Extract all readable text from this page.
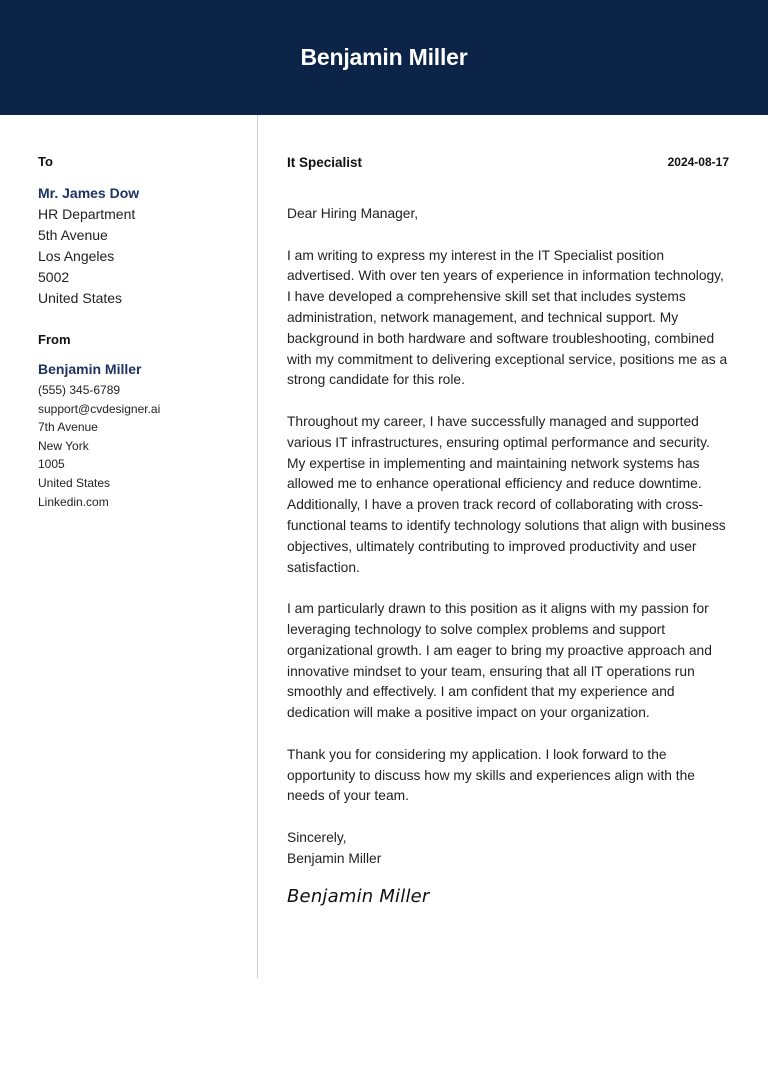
Benjamin Miller

To

Mr. James Dow

HR Department

5th Avenue

Los Angeles

5002

United States

From

Benjamin Miller

(555) 345-6789

support@cvdesigner.ai

7th Avenue

New York

1005

United States

Linkedin.com

It Specialist	2024-08-17

Dear Hiring Manager,

I am writing to express my interest in the IT Specialist position advertised. With over ten years of experience in information technology, I have developed a comprehensive skill set that includes systems administration, network management, and technical support. My background in both hardware and software troubleshooting, combined with my commitment to delivering exceptional service, positions me as a strong candidate for this role.

Throughout my career, I have successfully managed and supported various IT infrastructures, ensuring optimal performance and security. My expertise in implementing and maintaining network systems has allowed me to enhance operational efficiency and reduce downtime. Additionally, I have a proven track record of collaborating with cross-functional teams to identify technology solutions that align with business objectives, ultimately contributing to improved productivity and user satisfaction.

I am particularly drawn to this position as it aligns with my passion for leveraging technology to solve complex problems and support organizational growth. I am eager to bring my proactive approach and innovative mindset to your team, ensuring that all IT operations run smoothly and effectively. I am confident that my experience and dedication will make a positive impact on your organization.

Thank you for considering my application. I look forward to the opportunity to discuss how my skills and experiences align with the needs of your team.

Sincerely,

Benjamin Miller

Benjamin Miller
